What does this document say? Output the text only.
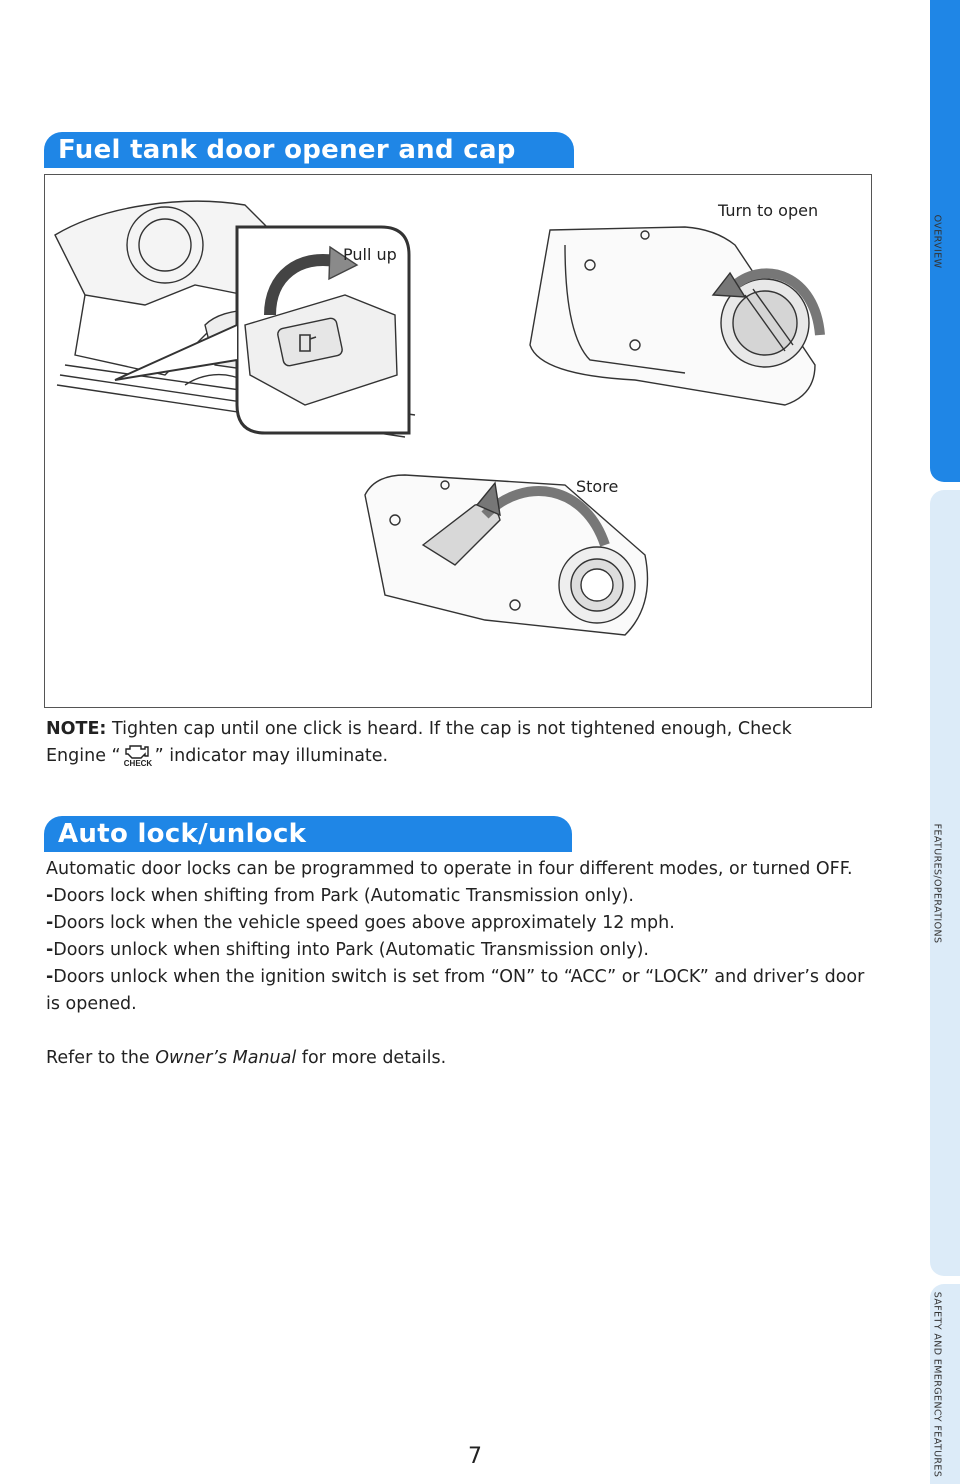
OVERVIEW
FEATURES/OPERATIONS
SAFETY AND EMERGENCY FEATURES
Fuel tank door opener and cap
Turn to open
Pull up
Store
NOTE: Tighten cap until one click is heard. If the cap is not tightened enough, Check Engine “ CHECK ” indicator may illuminate.
Auto lock/unlock
Automatic door locks can be programmed to operate in four different modes, or turned OFF.
-Doors lock when shifting from Park (Automatic Transmission only).
-Doors lock when the vehicle speed goes above approximately 12 mph.
-Doors unlock when shifting into Park (Automatic Transmission only).
-Doors unlock when the ignition switch is set from “ON” to “ACC” or “LOCK” and driver’s door is opened.
Refer to the Owner’s Manual for more details.
7
